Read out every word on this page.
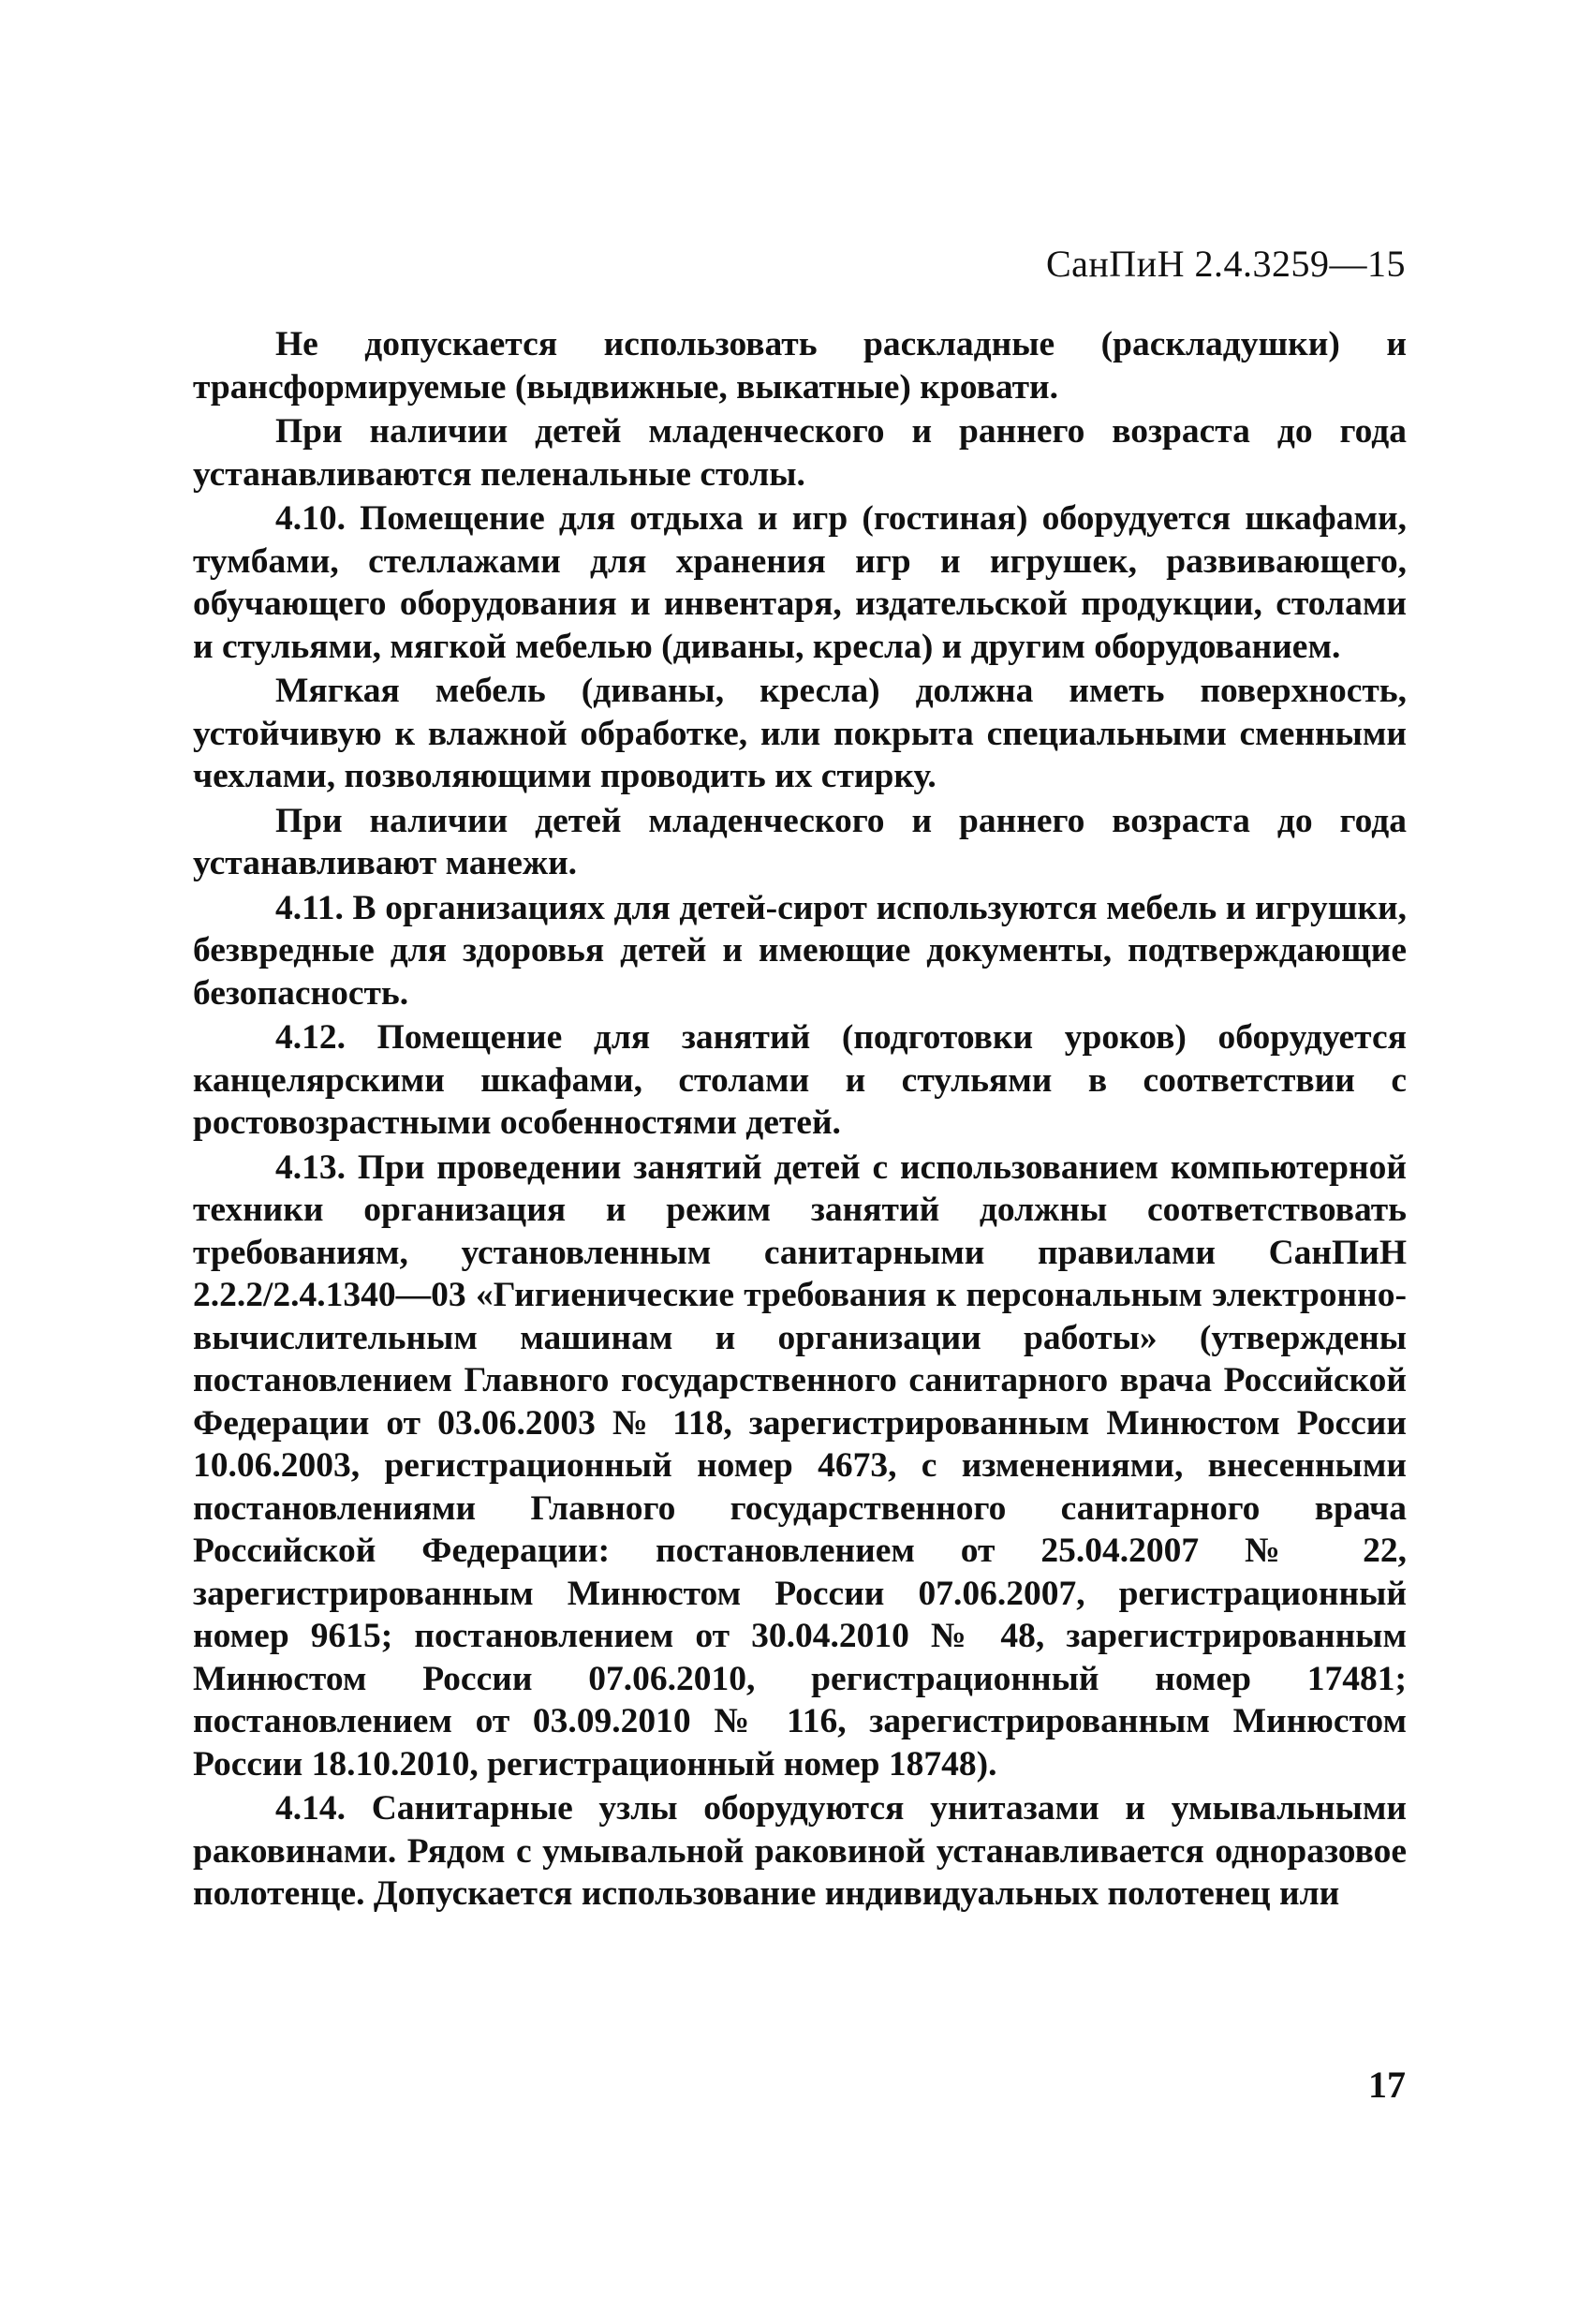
СанПиН 2.4.3259—15

Не допускается использовать раскладные (раскладушки) и трансформируемые (выдвижные, выкатные) кровати.

При наличии детей младенческого и раннего возраста до года устанавливаются пеленальные столы.

4.10. Помещение для отдыха и игр (гостиная) оборудуется шкафами, тумбами, стеллажами для хранения игр и игрушек, развивающего, обучающего оборудования и инвентаря, издательской продукции, столами и стульями, мягкой мебелью (диваны, кресла) и другим оборудованием.

Мягкая мебель (диваны, кресла) должна иметь поверхность, устойчивую к влажной обработке, или покрыта специальными сменными чехлами, позволяющими проводить их стирку.

При наличии детей младенческого и раннего возраста до года устанавливают манежи.

4.11. В организациях для детей-сирот используются мебель и игрушки, безвредные для здоровья детей и имеющие документы, подтверждающие безопасность.

4.12. Помещение для занятий (подготовки уроков) оборудуется канцелярскими шкафами, столами и стульями в соответствии с ростовозрастными особенностями детей.

4.13. При проведении занятий детей с использованием компьютерной техники организация и режим занятий должны соответствовать требованиям, установленным санитарными правилами СанПиН 2.2.2/2.4.1340—03 «Гигиенические требования к персональным электронно-вычислительным машинам и организации работы» (утверждены постановлением Главного государственного санитарного врача Российской Федерации от 03.06.2003 № 118, зарегистрированным Минюстом России 10.06.2003, регистрационный номер 4673, с изменениями, внесенными постановлениями Главного государственного санитарного врача Российской Федерации: постановлением от 25.04.2007 № 22, зарегистрированным Минюстом России 07.06.2007, регистрационный номер 9615; постановлением от 30.04.2010 № 48, зарегистрированным Минюстом России 07.06.2010, регистрационный номер 17481; постановлением от 03.09.2010 № 116, зарегистрированным Минюстом России 18.10.2010, регистрационный номер 18748).

4.14. Санитарные узлы оборудуются унитазами и умывальными раковинами. Рядом с умывальной раковиной устанавливается одноразовое полотенце. Допускается использование индивидуальных полотенец или

17
